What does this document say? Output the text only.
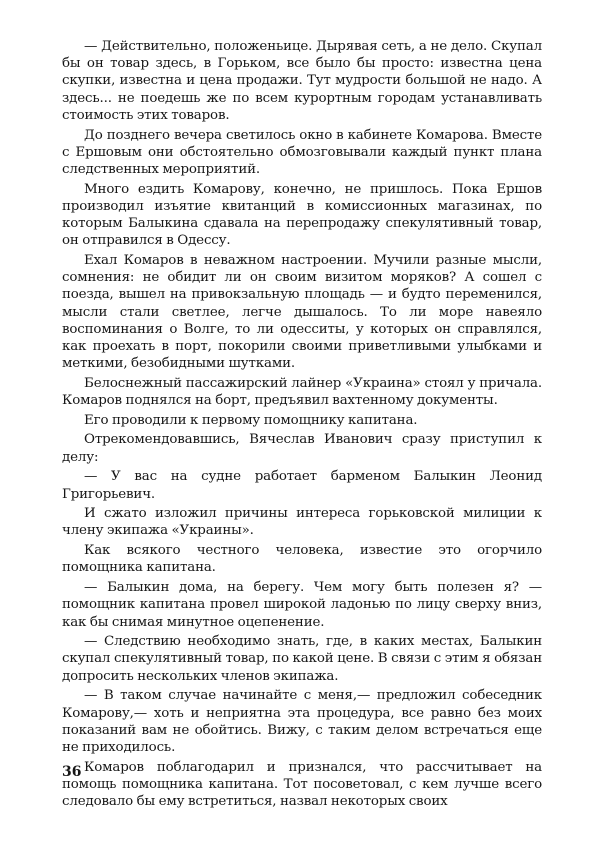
— Действительно, положеньице. Дырявая сеть, а не дело. Скупал бы он товар здесь, в Горьком, все было бы просто: известна цена скупки, известна и цена продажи. Тут мудрости большой не надо. А здесь... не поедешь же по всем курортным городам устанавливать стоимость этих товаров.

До позднего вечера светилось окно в кабинете Комарова. Вместе с Ершовым они обстоятельно обмозговывали каждый пункт плана следственных мероприятий.

Много ездить Комарову, конечно, не пришлось. Пока Ершов производил изъятие квитанций в комиссионных магазинах, по которым Балыкина сдавала на перепродажу спекулятивный товар, он отправился в Одессу.

Ехал Комаров в неважном настроении. Мучили разные мысли, сомнения: не обидит ли он своим визитом моряков? А сошел с поезда, вышел на привокзальную площадь — и будто переменился, мысли стали светлее, легче дышалось. То ли море навеяло воспоминания о Волге, то ли одесситы, у которых он справлялся, как проехать в порт, покорили своими приветливыми улыбками и меткими, безобидными шутками.

Белоснежный пассажирский лайнер «Украина» стоял у причала. Комаров поднялся на борт, предъявил вахтенному документы.

Его проводили к первому помощнику капитана.

Отрекомендовавшись, Вячеслав Иванович сразу приступил к делу:

— У вас на судне работает барменом Балыкин Леонид Григорьевич.

И сжато изложил причины интереса горьковской милиции к члену экипажа «Украины».

Как всякого честного человека, известие это огорчило помощника капитана.

— Балыкин дома, на берегу. Чем могу быть полезен я? — помощник капитана провел широкой ладонью по лицу сверху вниз, как бы снимая минутное оцепенение.

— Следствию необходимо знать, где, в каких местах, Балыкин скупал спекулятивный товар, по какой цене. В связи с этим я обязан допросить нескольких членов экипажа.

— В таком случае начинайте с меня,— предложил собеседник Комарову,— хоть и неприятна эта процедура, все равно без моих показаний вам не обойтись. Вижу, с таким делом встречаться еще не приходилось.

Комаров поблагодарил и признался, что рассчитывает на помощь помощника капитана. Тот посоветовал, с кем лучше всего следовало бы ему встретиться, назвал некоторых своих

36
